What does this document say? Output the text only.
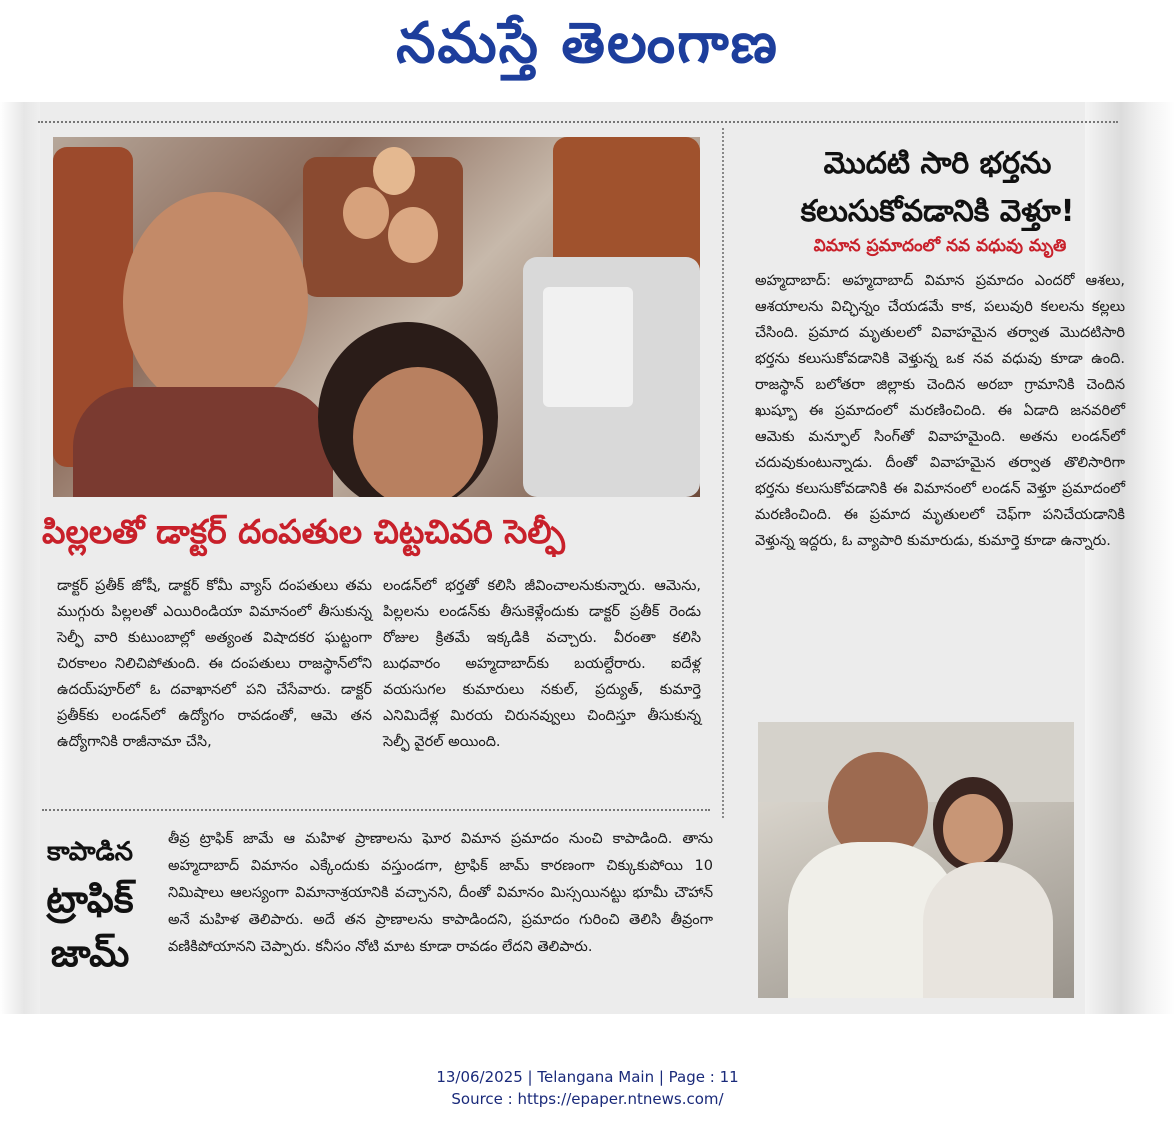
నమస్తే తెలంగాణ
పిల్లలతో డాక్టర్ దంపతుల చిట్టచివరి సెల్ఫీ

డాక్టర్ ప్రతీక్ జోషీ, డాక్టర్ కోమీ వ్యాస్ దంపతులు తమ ముగ్గురు పిల్లలతో ఎయిరిండియా విమానంలో తీసుకున్న సెల్ఫీ వారి కుటుంబాల్లో అత్యంత విషాదకర ఘట్టంగా చిరకాలం నిలిచిపోతుంది. ఈ దంపతులు రాజస్థాన్‌లోని ఉదయ్‌పూర్‌లో ఓ దవాఖానలో పని చేసేవారు. డాక్టర్ ప్రతీక్‌కు లండన్‌లో ఉద్యోగం రావడంతో, ఆమె తన ఉద్యోగానికి రాజీనామా చేసి,

లండన్‌లో భర్తతో కలిసి జీవించాలనుకున్నారు. ఆమెను, పిల్లలను లండన్‌కు తీసుకెళ్లేందుకు డాక్టర్ ప్రతీక్ రెండు రోజుల క్రితమే ఇక్కడికి వచ్చారు. వీరంతా కలిసి బుధవారం అహ్మదాబాద్‌కు బయల్దేరారు. ఐదేళ్ల వయసుగల కుమారులు నకుల్, ప్రద్యుత్, కుమార్తె ఎనిమిదేళ్ల మిరయ చిరునవ్వులు చిందిస్తూ తీసుకున్న సెల్ఫీ వైరల్ అయింది.

కాపాడిన
ట్రాఫిక్
జామ్

తీవ్ర ట్రాఫిక్ జామే ఆ మహిళ ప్రాణాలను ఘోర విమాన ప్రమాదం నుంచి కాపాడింది. తాను అహ్మదాబాద్ విమానం ఎక్కేందుకు వస్తుండగా, ట్రాఫిక్ జామ్ కారణంగా చిక్కుకుపోయి 10 నిమిషాలు ఆలస్యంగా విమానాశ్రయానికి వచ్చానని, దీంతో విమానం మిస్సయినట్టు భూమీ చౌహాన్ అనే మహిళ తెలిపారు. అదే తన ప్రాణాలను కాపాడిందని, ప్రమాదం గురించి తెలిసి తీవ్రంగా వణికిపోయానని చెప్పారు. కనీసం నోటి మాట కూడా రావడం లేదని తెలిపారు.

మొదటి సారి భర్తను
కలుసుకోవడానికి వెళ్తూ!
విమాన ప్రమాదంలో నవ వధువు మృతి

అహ్మదాబాద్: అహ్మదాబాద్ విమాన ప్రమాదం ఎందరో ఆశలు, ఆశయాలను విచ్ఛిన్నం చేయడమే కాక, పలువురి కలలను కల్లలు చేసింది. ప్రమాద మృతులలో వివాహమైన తర్వాత మొదటిసారి భర్తను కలుసుకోవడానికి వెళ్తున్న ఒక నవ వధువు కూడా ఉంది. రాజస్థాన్ బలోతరా జిల్లాకు చెందిన అరబా గ్రామానికి చెందిన ఖుష్బూ ఈ ప్రమాదంలో మరణించింది. ఈ ఏడాది జనవరిలో ఆమెకు మన్ఫూల్ సింగ్‌తో వివాహమైంది. అతను లండన్‌లో చదువుకుంటున్నాడు. దీంతో వివాహమైన తర్వాత తొలిసారిగా భర్తను కలుసుకోవడానికి ఈ విమానంలో లండన్ వెళ్తూ ప్రమాదంలో మరణించింది. ఈ ప్రమాద మృతులలో చెఫ్‌గా పనిచేయడానికి వెళ్తున్న ఇద్దరు, ఓ వ్యాపారి కుమారుడు, కుమార్తె కూడా ఉన్నారు.

13/06/2025 | Telangana Main | Page : 11
Source : https://epaper.ntnews.com/
